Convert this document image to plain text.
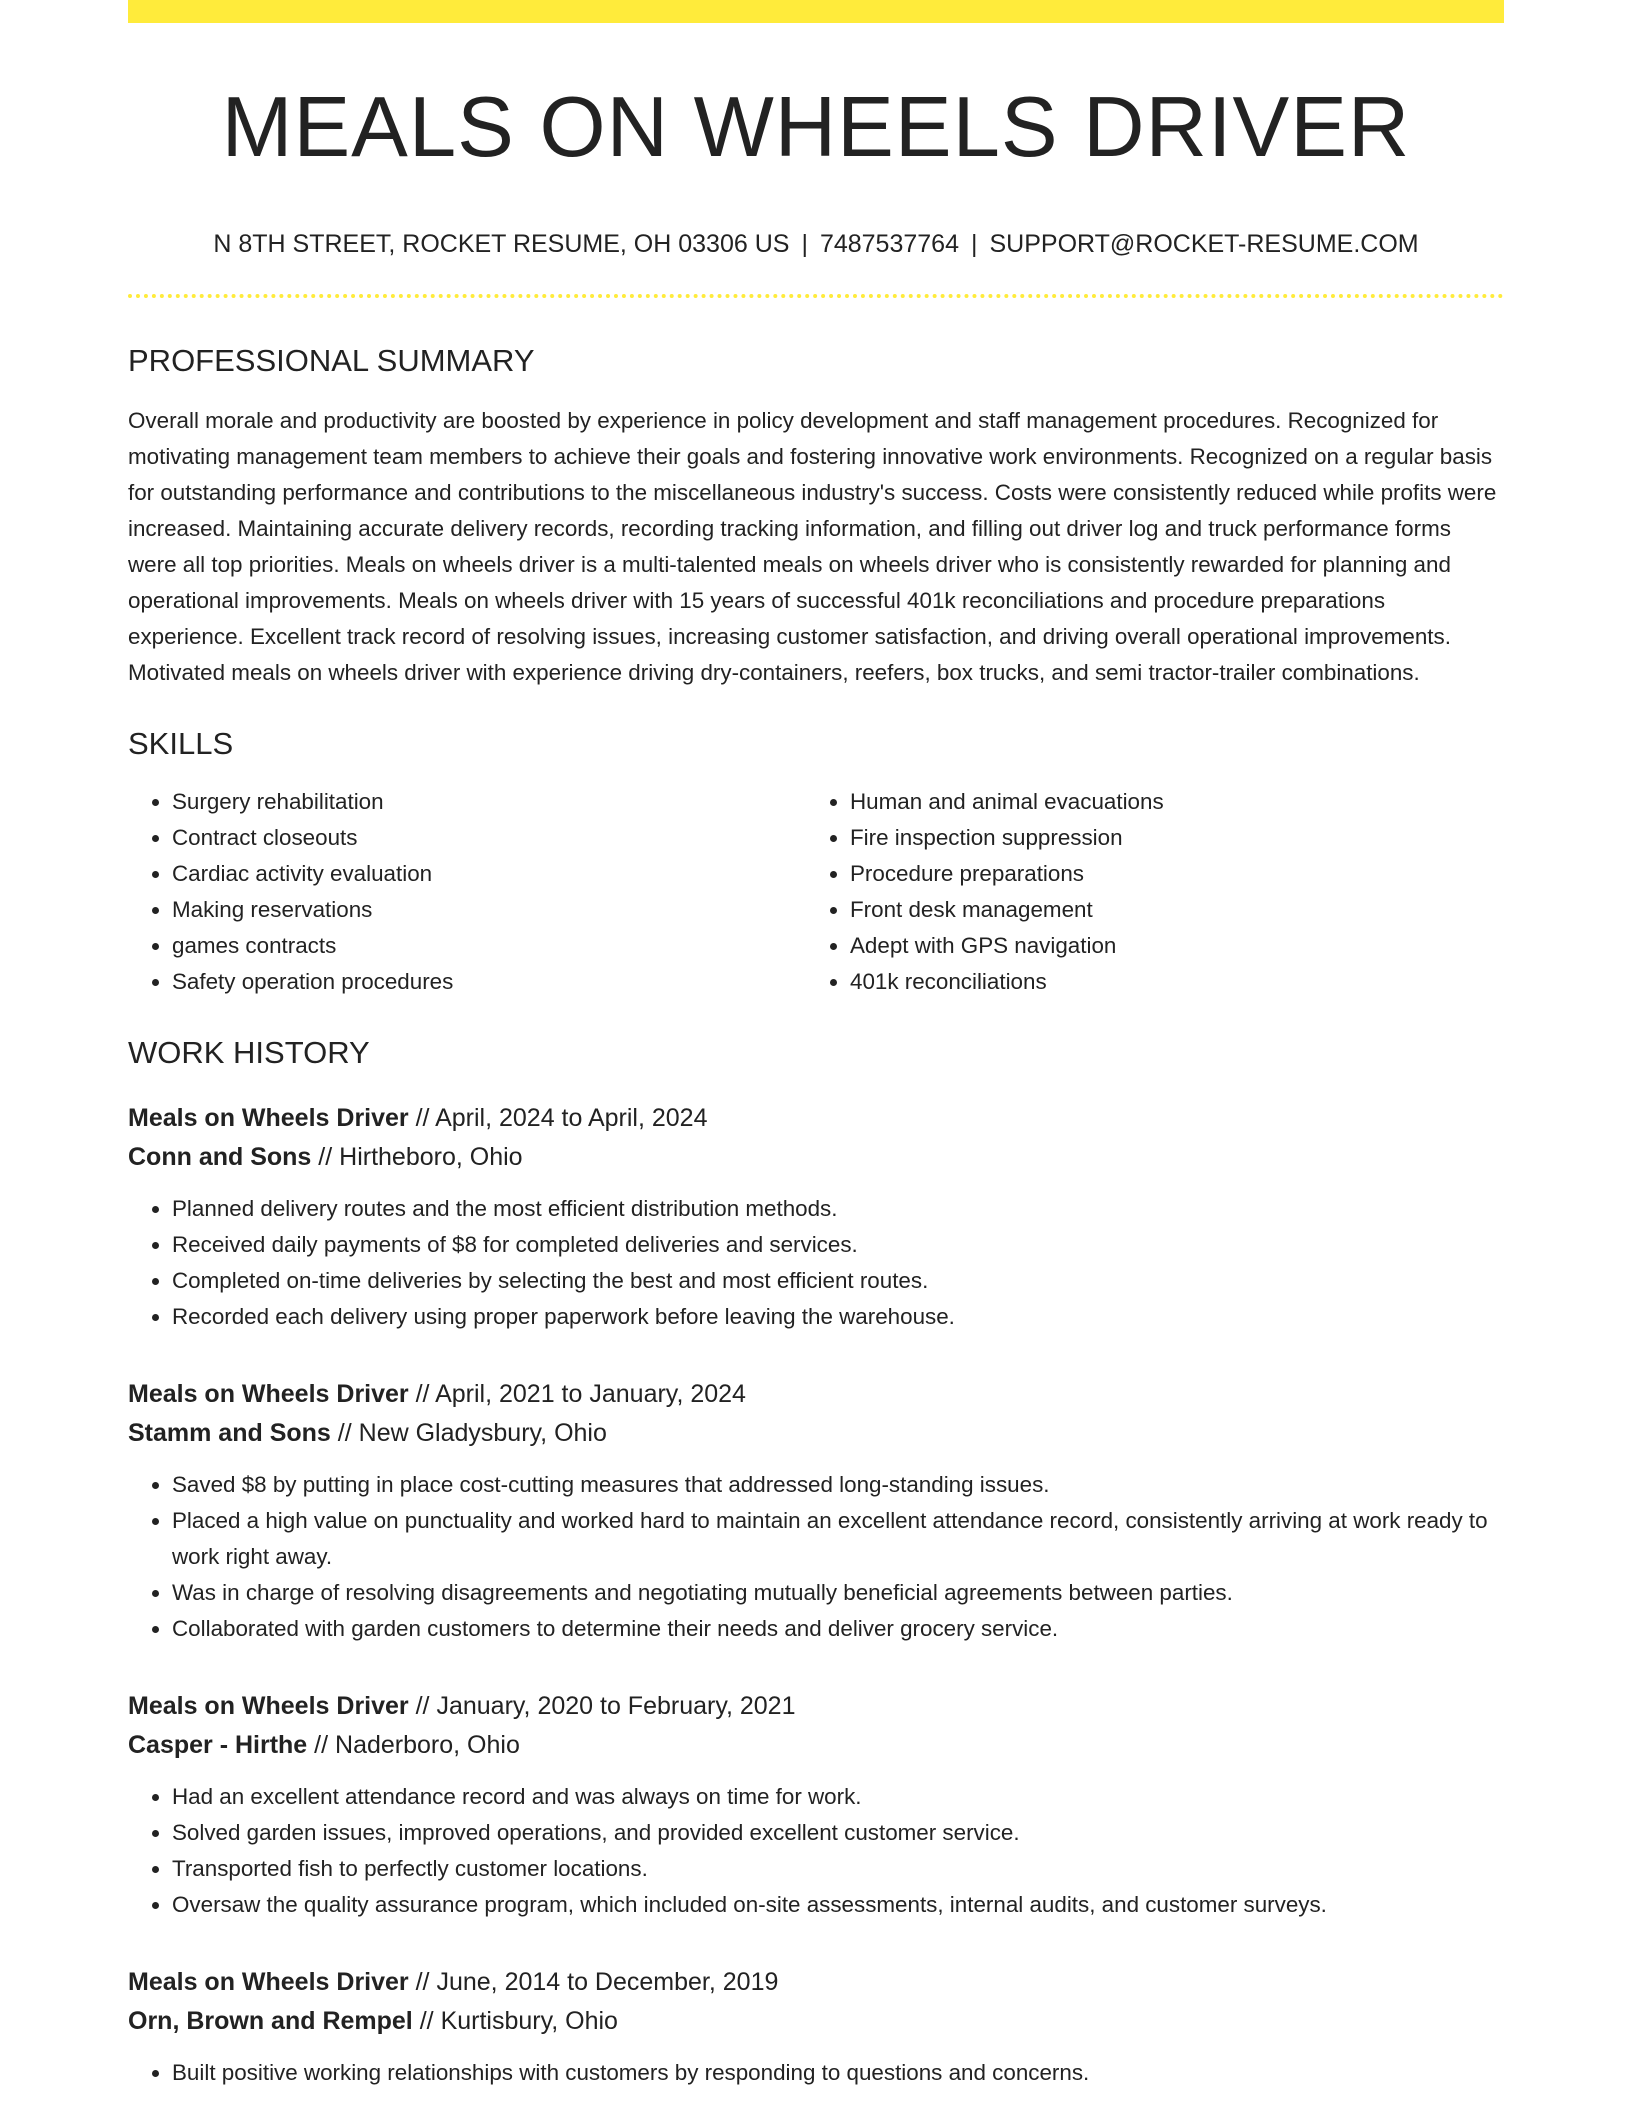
MEALS ON WHEELS DRIVER
N 8TH STREET, ROCKET RESUME, OH 03306 US | 7487537764 | SUPPORT@ROCKET-RESUME.COM
PROFESSIONAL SUMMARY

Overall morale and productivity are boosted by experience in policy development and staff management procedures. Recognized for motivating management team members to achieve their goals and fostering innovative work environments. Recognized on a regular basis for outstanding performance and contributions to the miscellaneous industry's success. Costs were consistently reduced while profits were increased. Maintaining accurate delivery records, recording tracking information, and filling out driver log and truck performance forms were all top priorities. Meals on wheels driver is a multi-talented meals on wheels driver who is consistently rewarded for planning and operational improvements. Meals on wheels driver with 15 years of successful 401k reconciliations and procedure preparations experience. Excellent track record of resolving issues, increasing customer satisfaction, and driving overall operational improvements. Motivated meals on wheels driver with experience driving dry-containers, reefers, box trucks, and semi tractor-trailer combinations.

SKILLS
• Surgery rehabilitation
• Contract closeouts
• Cardiac activity evaluation
• Making reservations
• games contracts
• Safety operation procedures
• Human and animal evacuations
• Fire inspection suppression
• Procedure preparations
• Front desk management
• Adept with GPS navigation
• 401k reconciliations
WORK HISTORY
Meals on Wheels Driver // April, 2024 to April, 2024
Conn and Sons // Hirtheboro, Ohio
• Planned delivery routes and the most efficient distribution methods.
• Received daily payments of $8 for completed deliveries and services.
• Completed on-time deliveries by selecting the best and most efficient routes.
• Recorded each delivery using proper paperwork before leaving the warehouse.
Meals on Wheels Driver // April, 2021 to January, 2024
Stamm and Sons // New Gladysbury, Ohio
• Saved $8 by putting in place cost-cutting measures that addressed long-standing issues.
• Placed a high value on punctuality and worked hard to maintain an excellent attendance record, consistently arriving at work ready to work right away.
• Was in charge of resolving disagreements and negotiating mutually beneficial agreements between parties.
• Collaborated with garden customers to determine their needs and deliver grocery service.
Meals on Wheels Driver // January, 2020 to February, 2021
Casper - Hirthe // Naderboro, Ohio
• Had an excellent attendance record and was always on time for work.
• Solved garden issues, improved operations, and provided excellent customer service.
• Transported fish to perfectly customer locations.
• Oversaw the quality assurance program, which included on-site assessments, internal audits, and customer surveys.
Meals on Wheels Driver // June, 2014 to December, 2019
Orn, Brown and Rempel // Kurtisbury, Ohio
• Built positive working relationships with customers by responding to questions and concerns.
